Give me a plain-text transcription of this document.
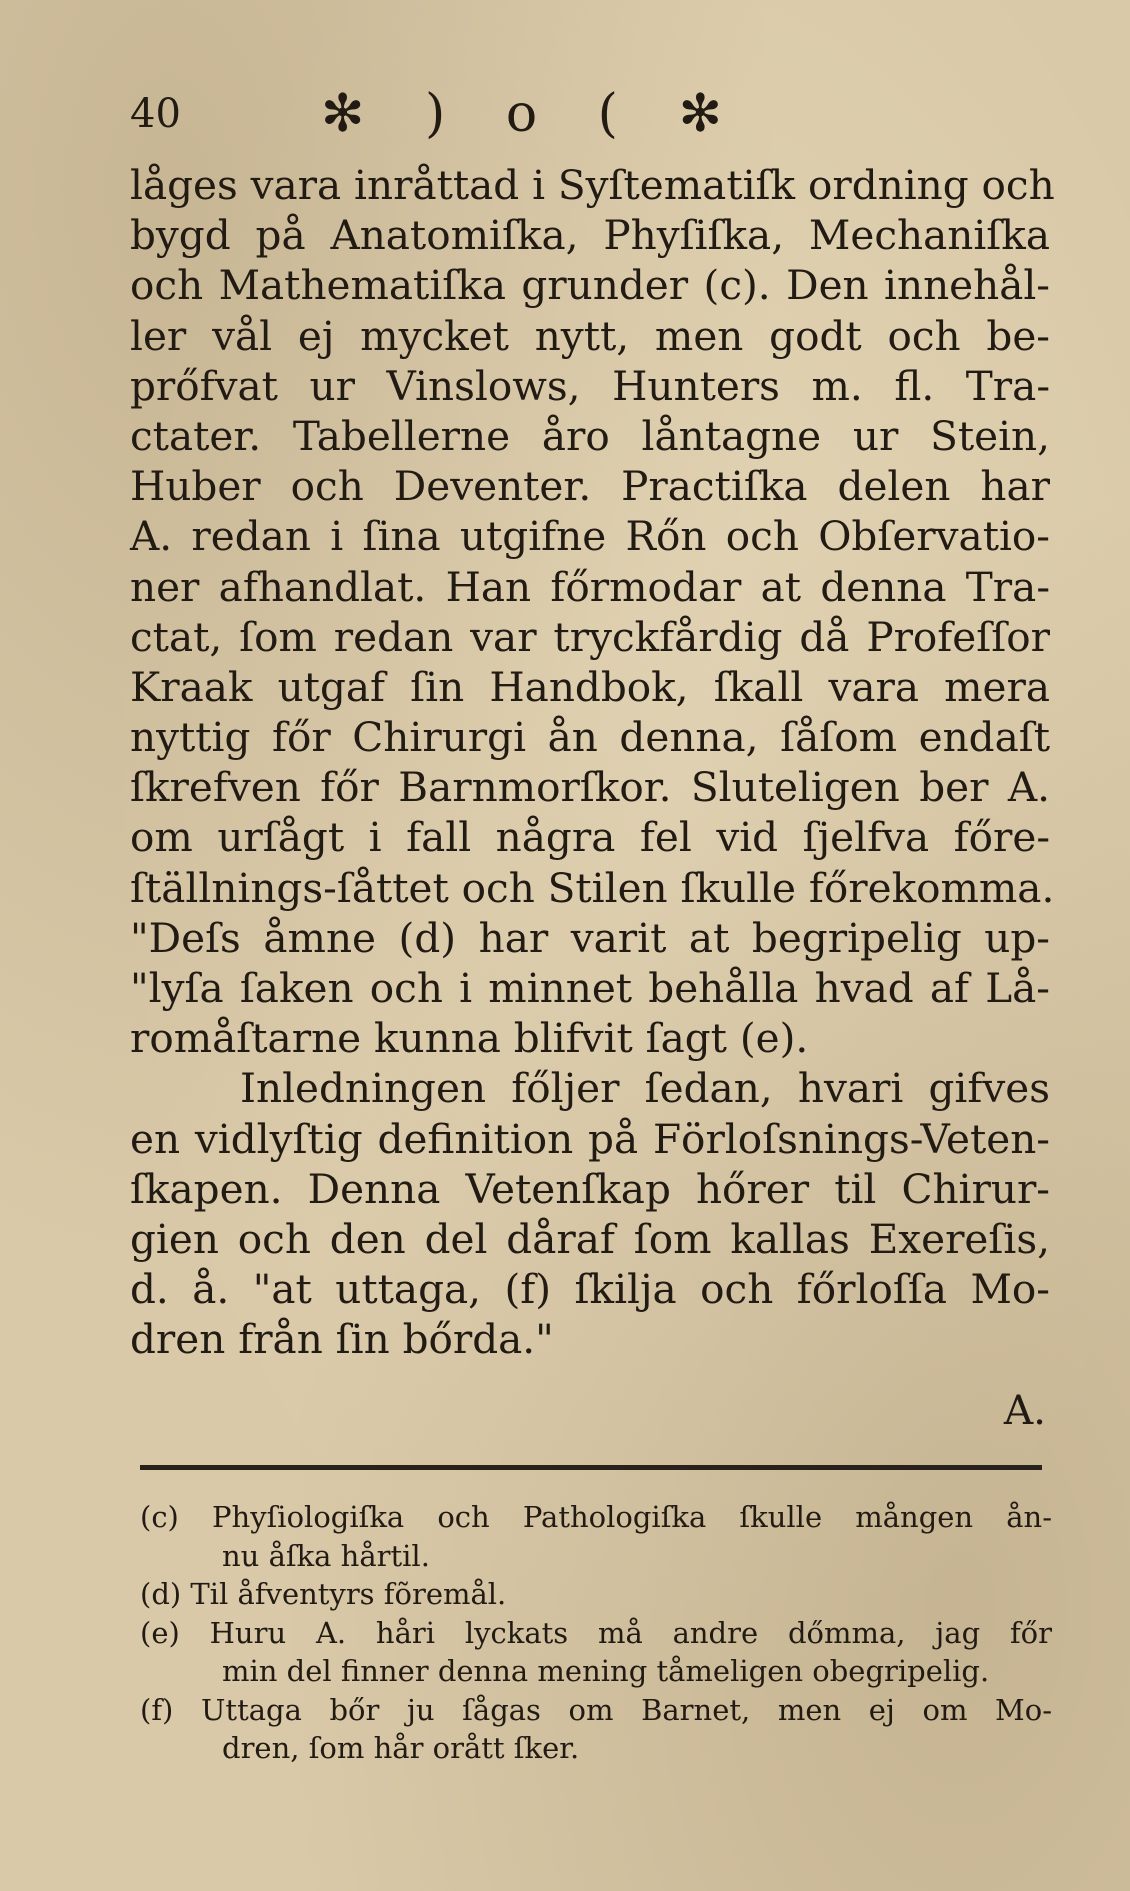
40	✻ ) o ( ✻
låges vara inråttad i Syſtematiſk ordning och
bygd på Anatomiſka, Phyſiſka, Mechaniſka
och Mathematiſka grunder (c). Den innehål-
ler vål ej mycket nytt, men godt och be-
prőfvat ur Vinslows, Hunters m. fl. Tra-
ctater. Tabellerne åro låntagne ur Stein,
Huber och Deventer. Practiſka delen har
A. redan i ſina utgifne Rőn och Obſervatio-
ner afhandlat. Han főrmodar at denna Tra-
ctat, ſom redan var tryckfårdig då Profeſſor
Kraak utgaf ſin Handbok, ſkall vara mera
nyttig főr Chirurgi ån denna, ſåſom endaſt
ſkrefven főr Barnmorſkor. Sluteligen ber A.
om urſågt i fall några fel vid ſjelfva főre-
ſtällnings-ſåttet och Stilen ſkulle főrekomma.
"Deſs åmne (d) har varit at begripelig up-
"lyſa ſaken och i minnet behålla hvad af Lå-
romåſtarne kunna blifvit ſagt (e).
Inledningen főljer ſedan, hvari gifves
en vidlyſtig definition på Fӧrloſsnings-Veten-
ſkapen. Denna Vetenſkap hőrer til Chirur-
gien och den del dåraf ſom kallas Exereſis,
d. å. "at uttaga, (f) ſkilja och főrloſſa Mo-
dren från ſin bőrda."
A.
(c) Phyſiologiſka och Pathologiſka ſkulle mången ån-
nu åſka hårtil.
(d) Til åfventyrs fõremål.
(e) Huru A. håri lyckats må andre dőmma, jag főr
min del finner denna mening tåmeligen obegripelig.
(f) Uttaga bőr ju ſågas om Barnet, men ej om Mo-
dren, ſom hår orått ſker.
